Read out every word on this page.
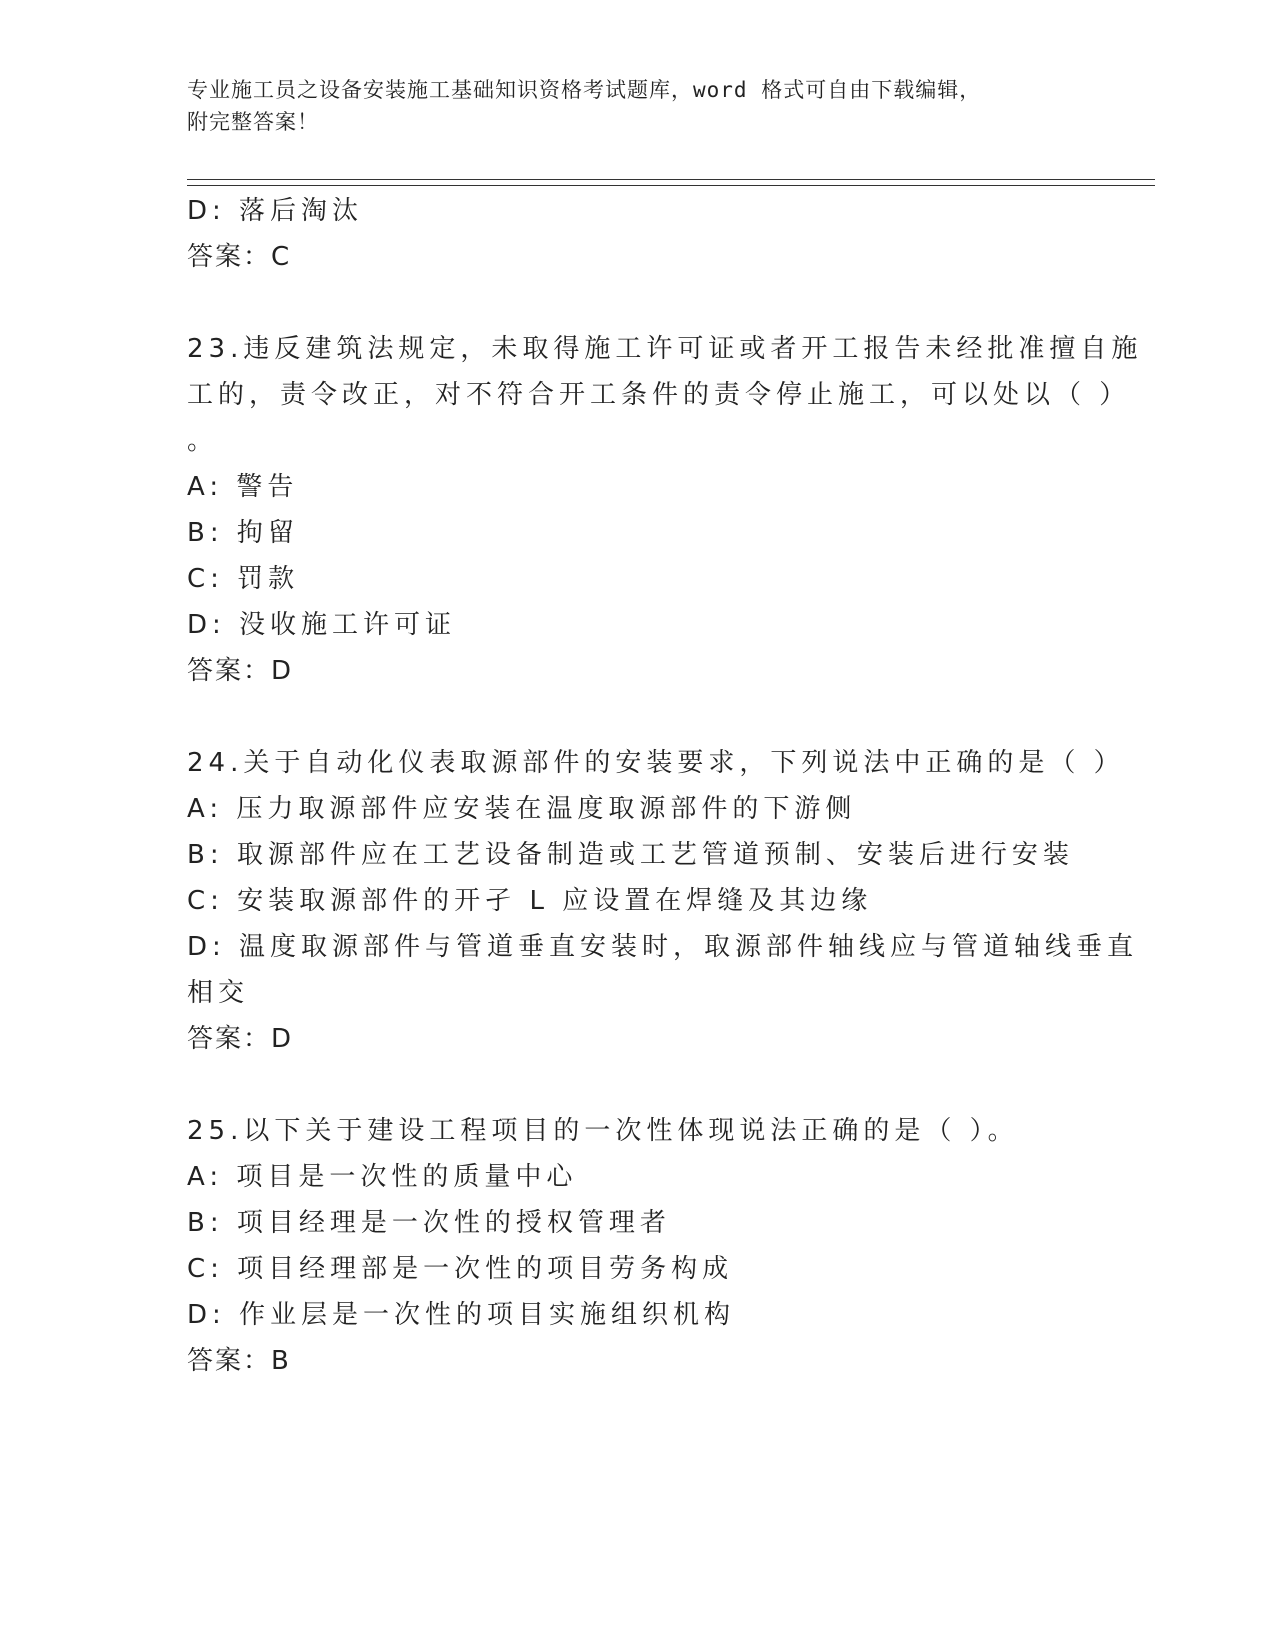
专业施工员之设备安装施工基础知识资格考试题库，word 格式可自由下载编辑，
附完整答案！
D: 落后淘汰
答案：C
23.违反建筑法规定，未取得施工许可证或者开工报告未经批准擅自施
工的，责令改正，对不符合开工条件的责令停止施工，可以处以（ ）
。
A: 警告
B: 拘留
C: 罚款
D: 没收施工许可证
答案：D
24.关于自动化仪表取源部件的安装要求，下列说法中正确的是（ ）
A: 压力取源部件应安装在温度取源部件的下游侧
B: 取源部件应在工艺设备制造或工艺管道预制、安装后进行安装
C: 安装取源部件的开孑 L 应设置在焊缝及其边缘
D: 温度取源部件与管道垂直安装时，取源部件轴线应与管道轴线垂直
相交
答案：D
25.以下关于建设工程项目的一次性体现说法正确的是（ ）。
A: 项目是一次性的质量中心
B: 项目经理是一次性的授权管理者
C: 项目经理部是一次性的项目劳务构成
D: 作业层是一次性的项目实施组织机构
答案：B
